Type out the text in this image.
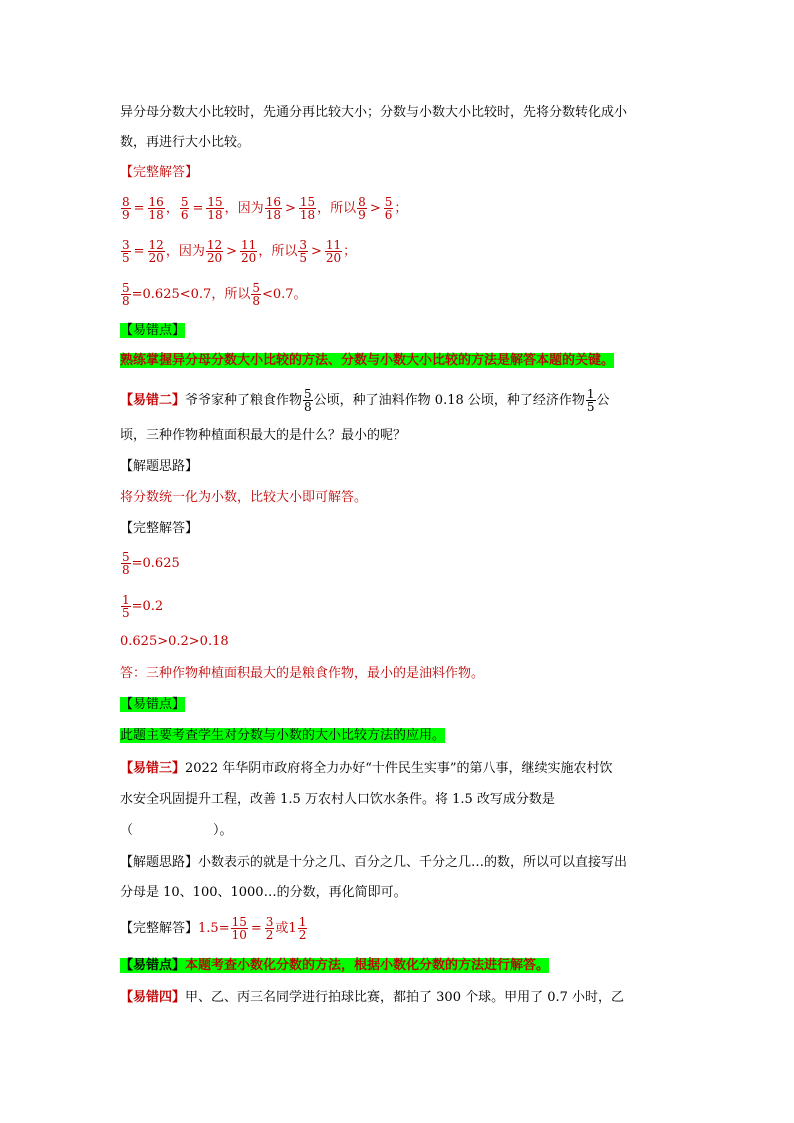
异分母分数大小比较时，先通分再比较大小；分数与小数大小比较时，先将分数转化成小
数，再进行大小比较。
【完整解答】
$\frac{8}{9} = \frac{16}{18}$ ， $\frac{5}{6} = \frac{15}{18}$ ，因为 $\frac{16}{18} > \frac{15}{18}$ ，所以 $\frac{8}{9} > \frac{5}{6}$ ；
$\frac{3}{5} = \frac{12}{20}$ ，因为 $\frac{12}{20} > \frac{11}{20}$ ，所以 $\frac{3}{5} > \frac{11}{20}$ ；
$\frac{5}{8} =0.625<0.7$，所以 $\frac{5}{8} <0.7$。
【易错点】
熟练掌握异分母分数大小比较的方法、分数与小数大小比较的方法是解答本题的关键。
【易错二】爷爷家种了粮食作物 $\frac{5}{8}$ 公顷，种了油料作物 0.18 公顷，种了经济作物 $\frac{1}{5}$ 公
顷，三种作物种植面积最大的是什么？最小的呢？
【解题思路】
将分数统一化为小数，比较大小即可解答。
【完整解答】
$\frac{5}{8} =0.625$
$\frac{1}{5} =0.2$
0.625>0.2>0.18
答：三种作物种植面积最大的是粮食作物，最小的是油料作物。
【易错点】
此题主要考查学生对分数与小数的大小比较方法的应用。
【易错三】2022 年华阴市政府将全力办好“十件民生实事”的第八事，继续实施农村饮
水安全巩固提升工程，改善 1.5 万农村人口饮水条件。将 1.5 改写成分数是
（	）。
【解题思路】小数表示的就是十分之几、百分之几、千分之几…的数，所以可以直接写出
分母是 10、100、1000…的分数，再化简即可。
【完整解答】$1.5= \frac{15}{10} = \frac{3}{2}$ 或$1 \frac{1}{2}$
【易错点】本题考查小数化分数的方法，根据小数化分数的方法进行解答。
【易错四】甲、乙、丙三名同学进行拍球比赛，都拍了 300 个球。甲用了 0.7 小时，乙
